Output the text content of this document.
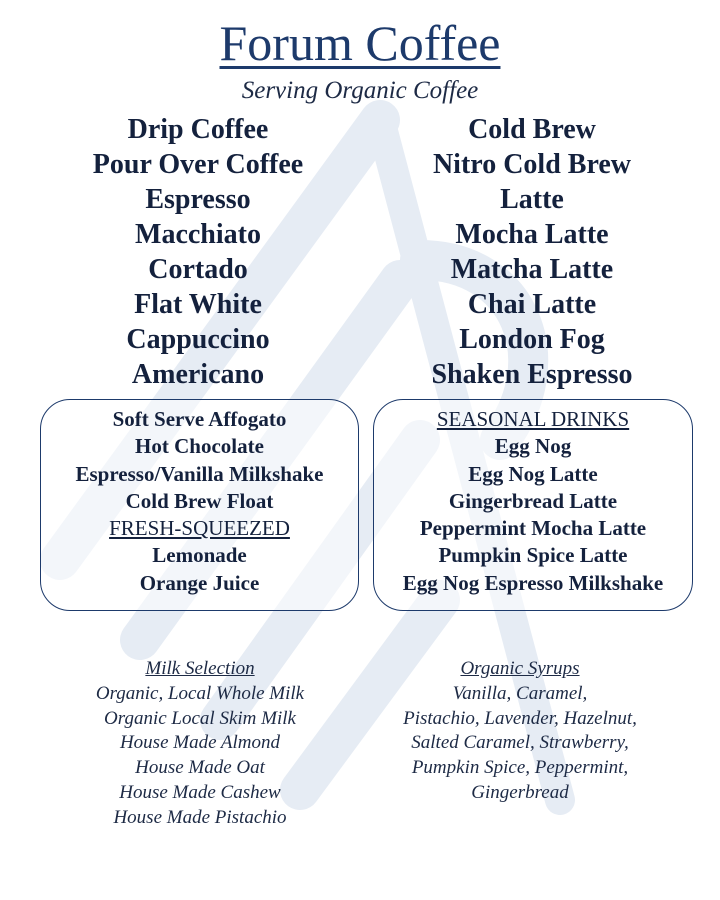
Forum Coffee
Serving Organic Coffee
Drip Coffee
Pour Over Coffee
Espresso
Macchiato
Cortado
Flat White
Cappuccino
Americano
Cold Brew
Nitro Cold Brew
Latte
Mocha Latte
Matcha Latte
Chai Latte
London Fog
Shaken Espresso
Soft Serve Affogato
Hot Chocolate
Espresso/Vanilla Milkshake
Cold Brew Float
FRESH-SQUEEZED
Lemonade
Orange Juice
SEASONAL DRINKS
Egg Nog
Egg Nog Latte
Gingerbread Latte
Peppermint Mocha Latte
Pumpkin Spice Latte
Egg Nog Espresso Milkshake
Milk Selection
Organic, Local Whole Milk
Organic Local Skim Milk
House Made Almond
House Made Oat
House Made Cashew
House Made Pistachio
Organic Syrups
Vanilla, Caramel,
Pistachio, Lavender, Hazelnut,
Salted Caramel, Strawberry,
Pumpkin Spice, Peppermint,
Gingerbread
